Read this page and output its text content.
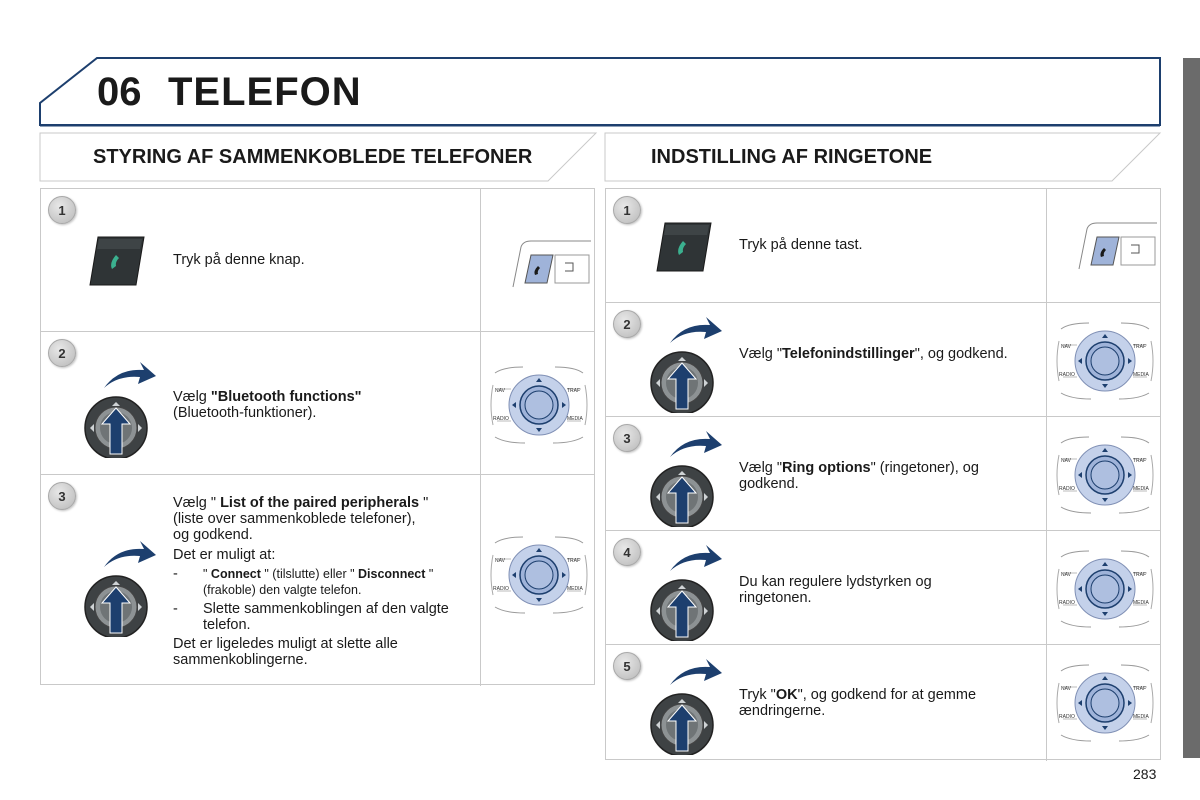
06 TELEFON
STYRING AF SAMMENKOBLEDE TELEFONER	INDSTILLING AF RINGETONE
1
Tryk på denne knap.
2
Vælg "Bluetooth functions"
(Bluetooth-funktioner).
NAV	TRAF
RADIO	MEDIA
3	Vælg " List of the paired peripherals "
(liste over sammenkoblede telefoner),
og godkend.
Det er muligt at:
- " Connect " (tilslutte) eller " Disconnect "
(frakoble) den valgte telefon.
- Slette sammenkoblingen af den valgte telefon.
Det er ligeledes muligt at slette alle sammenkoblingerne.
NAV	TRAF
RADIO	MEDIA
1
Tryk på denne tast.
2
Vælg "Telefonindstillinger", og godkend.	NAV	TRAF
RADIO	MEDIA
3
Vælg "Ring options" (ringetoner), og godkend.
NAV	TRAF
RADIO	MEDIA
4
Du kan regulere lydstyrken og ringetonen.
NAV	TRAF
RADIO	MEDIA
5
Tryk "OK", og godkend for at gemme ændringerne.
NAV	TRAF
RADIO	MEDIA
283
